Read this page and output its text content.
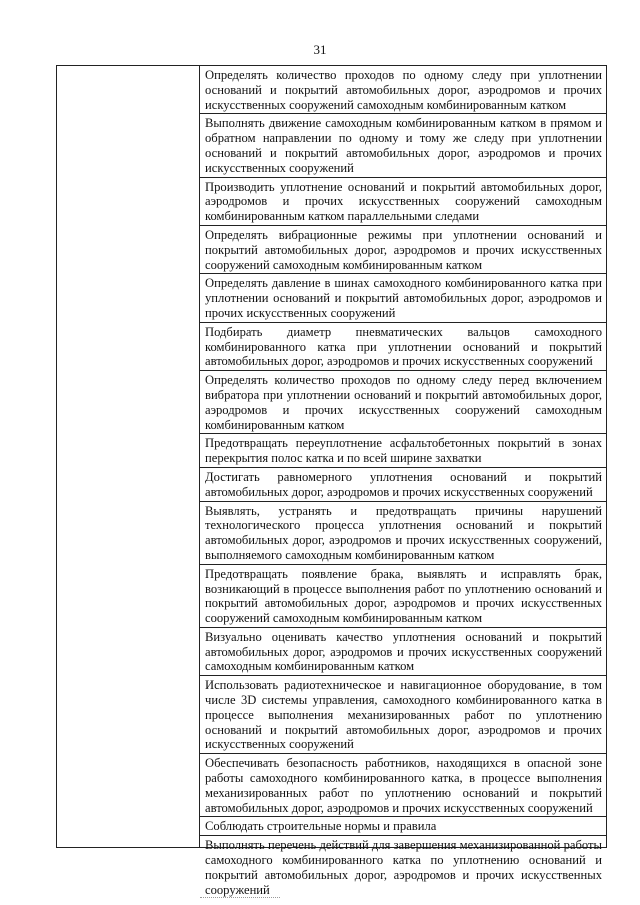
31
Определять количество проходов по одному следу при уплотнении оснований и покрытий автомобильных дорог, аэродромов и прочих искусственных сооружений самоходным комбинированным катком
Выполнять движение самоходным комбинированным катком в прямом и обратном направлении по одному и тому же следу при уплотнении оснований и покрытий автомобильных дорог, аэродромов и прочих искусственных сооружений
Производить уплотнение оснований и покрытий автомобильных дорог, аэродромов и прочих искусственных сооружений самоходным комбинированным катком параллельными следами
Определять вибрационные режимы при уплотнении оснований и покрытий автомобильных дорог, аэродромов и прочих искусственных сооружений самоходным комбинированным катком
Определять давление в шинах самоходного комбинированного катка при уплотнении оснований и покрытий автомобильных дорог, аэродромов и прочих искусственных сооружений
Подбирать диаметр пневматических вальцов самоходного комбинированного катка при уплотнении оснований и покрытий автомобильных дорог, аэродромов и прочих искусственных сооружений
Определять количество проходов по одному следу перед включением вибратора при уплотнении оснований и покрытий автомобильных дорог, аэродромов и прочих искусственных сооружений самоходным комбинированным катком
Предотвращать переуплотнение асфальтобетонных покрытий в зонах перекрытия полос катка и по всей ширине захватки
Достигать равномерного уплотнения оснований и покрытий автомобильных дорог, аэродромов и прочих искусственных сооружений
Выявлять, устранять и предотвращать причины нарушений технологического процесса уплотнения оснований и покрытий автомобильных дорог, аэродромов и прочих искусственных сооружений, выполняемого самоходным комбинированным катком
Предотвращать появление брака, выявлять и исправлять брак, возникающий в процессе выполнения работ по уплотнению оснований и покрытий автомобильных дорог, аэродромов и прочих искусственных сооружений самоходным комбинированным катком
Визуально оценивать качество уплотнения оснований и покрытий автомобильных дорог, аэродромов и прочих искусственных сооружений самоходным комбинированным катком
Использовать радиотехническое и навигационное оборудование, в том числе 3D системы управления, самоходного комбинированного катка в процессе выполнения механизированных работ по уплотнению оснований и покрытий автомобильных дорог, аэродромов и прочих искусственных сооружений
Обеспечивать безопасность работников, находящихся в опасной зоне работы самоходного комбинированного катка, в процессе выполнения механизированных работ по уплотнению оснований и покрытий автомобильных дорог, аэродромов и прочих искусственных сооружений
Соблюдать строительные нормы и правила
Выполнять перечень действий для завершения механизированной работы самоходного комбинированного катка по уплотнению оснований и покрытий автомобильных дорог, аэродромов и прочих искусственных сооружений
